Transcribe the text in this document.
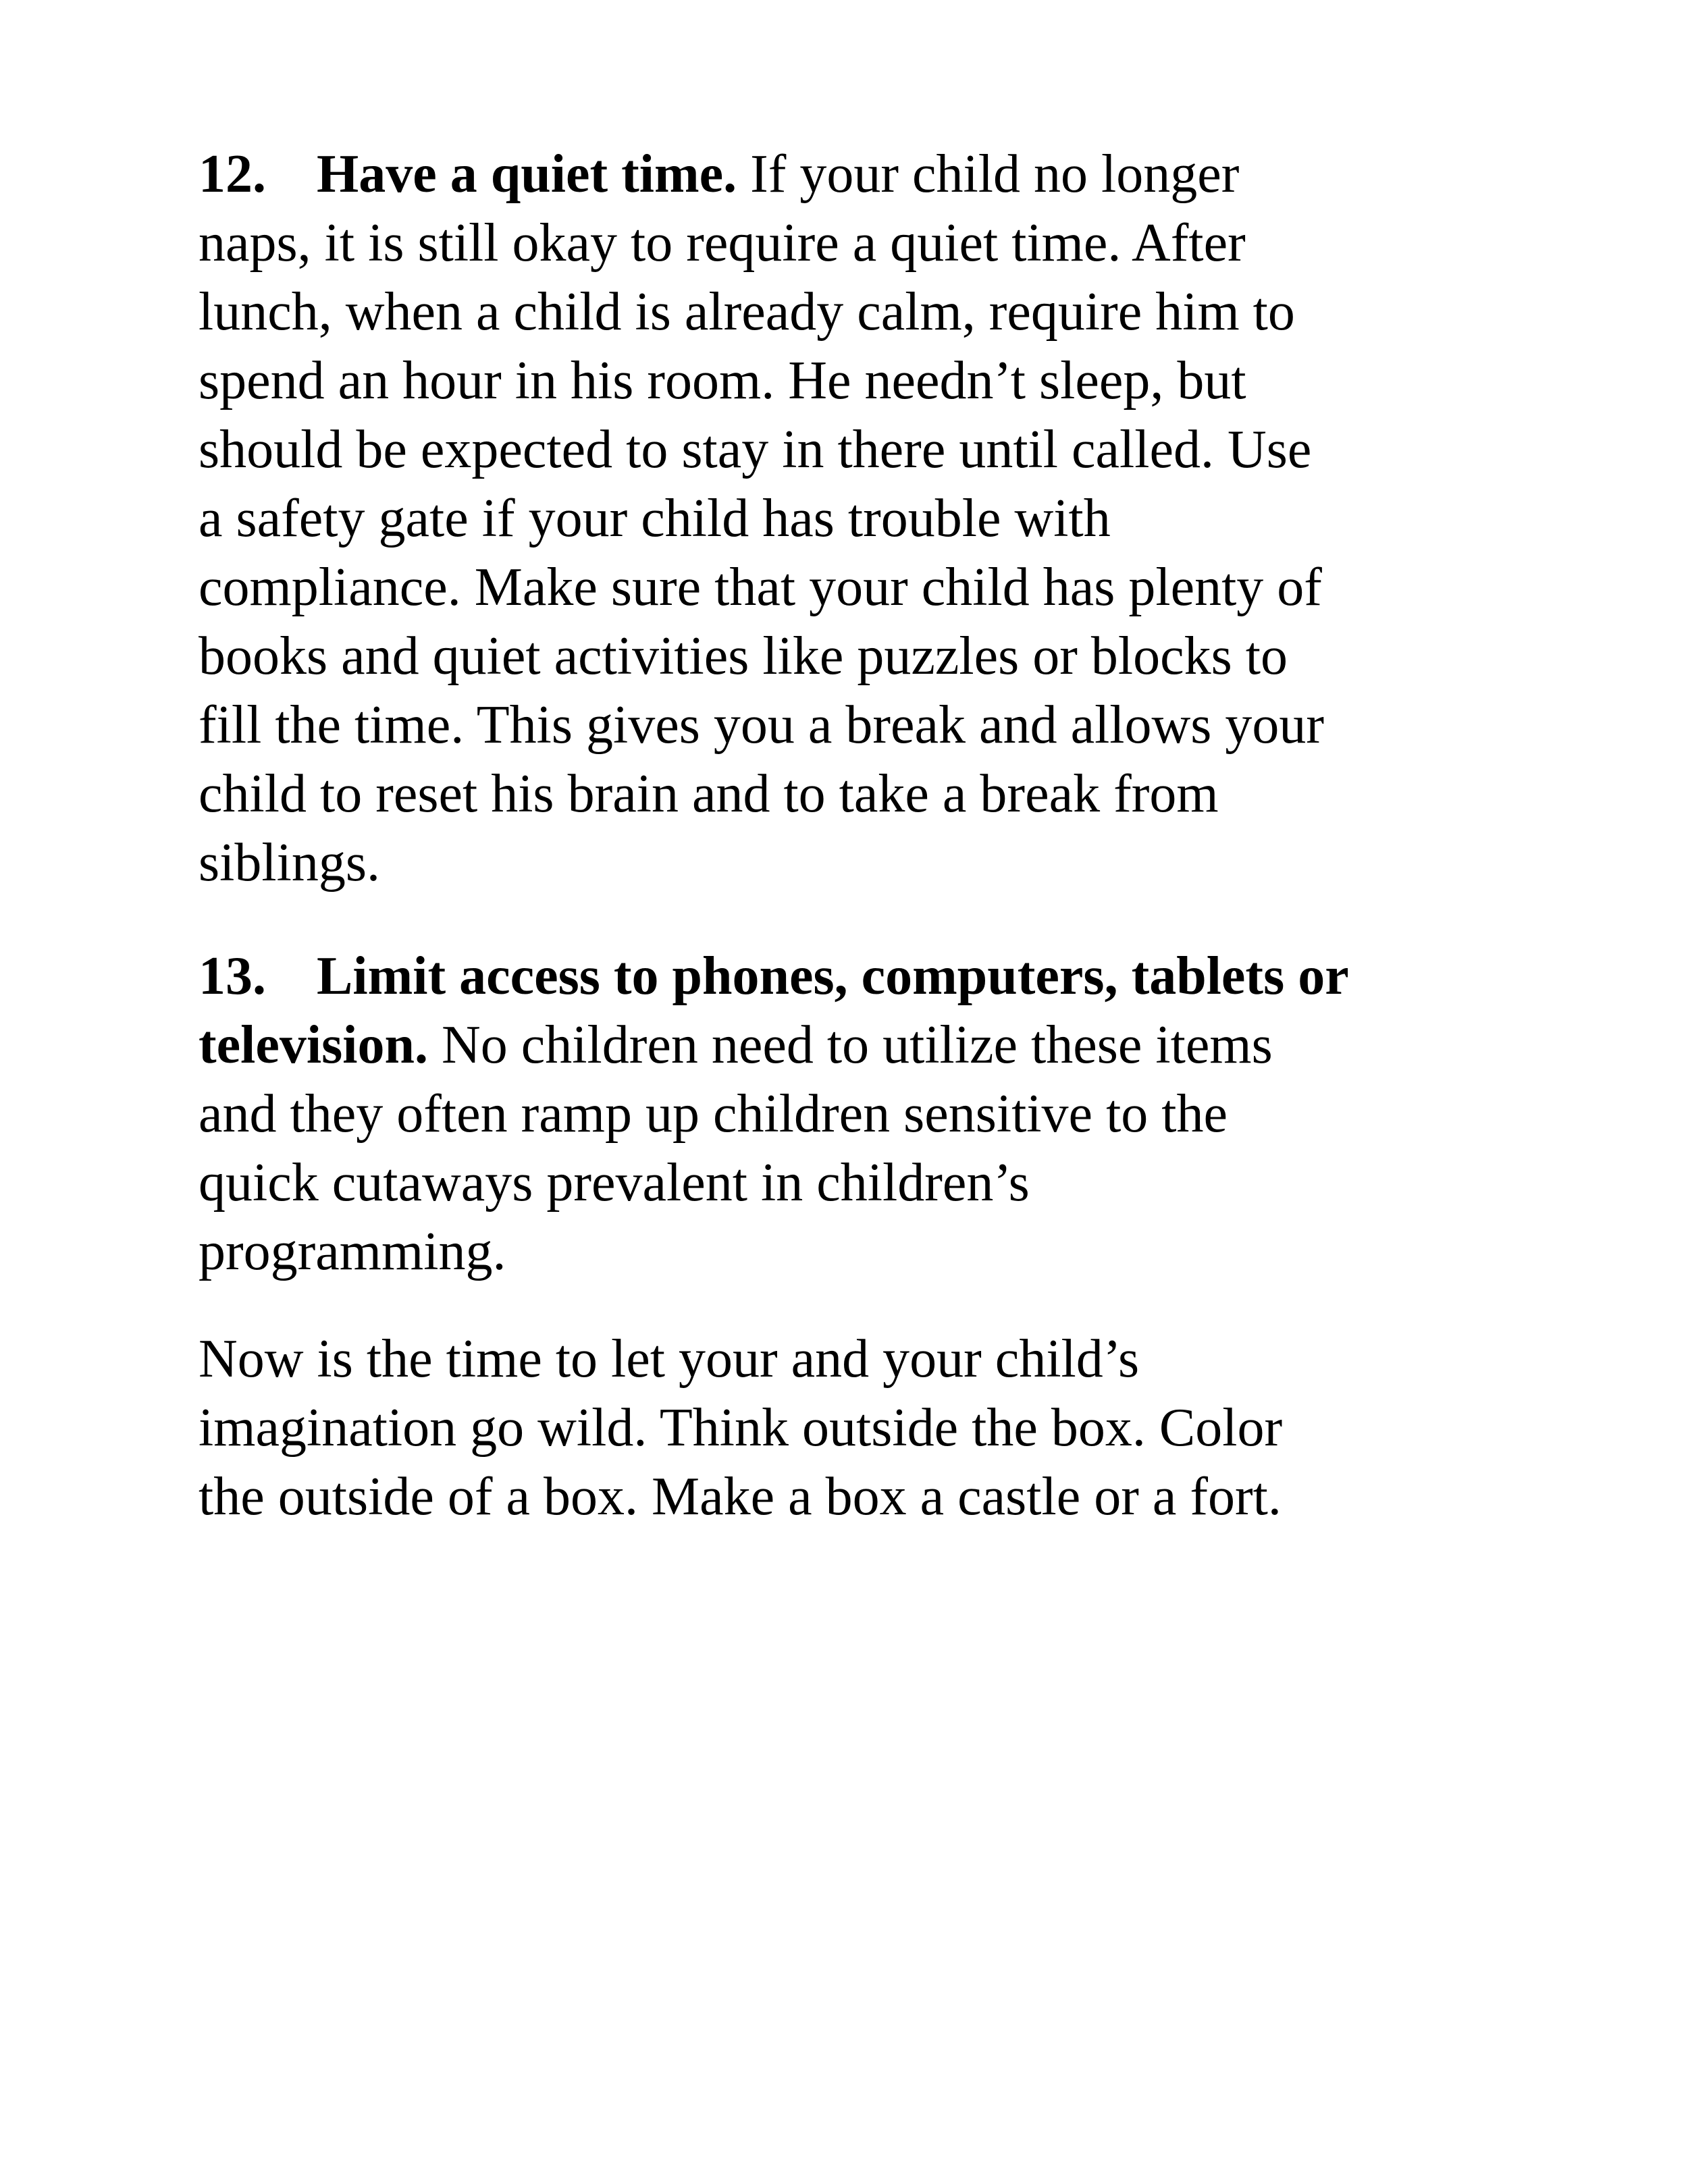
12. Have a quiet time. If your child no longer
naps, it is still okay to require a quiet time. After
lunch, when a child is already calm, require him to
spend an hour in his room. He needn’t sleep, but
should be expected to stay in there until called. Use
a safety gate if your child has trouble with
compliance. Make sure that your child has plenty of
books and quiet activities like puzzles or blocks to
fill the time. This gives you a break and allows your
child to reset his brain and to take a break from
siblings.
13. Limit access to phones, computers, tablets or
television. No children need to utilize these items
and they often ramp up children sensitive to the
quick cutaways prevalent in children’s
programming.
Now is the time to let your and your child’s
imagination go wild. Think outside the box. Color
the outside of a box. Make a box a castle or a fort.
